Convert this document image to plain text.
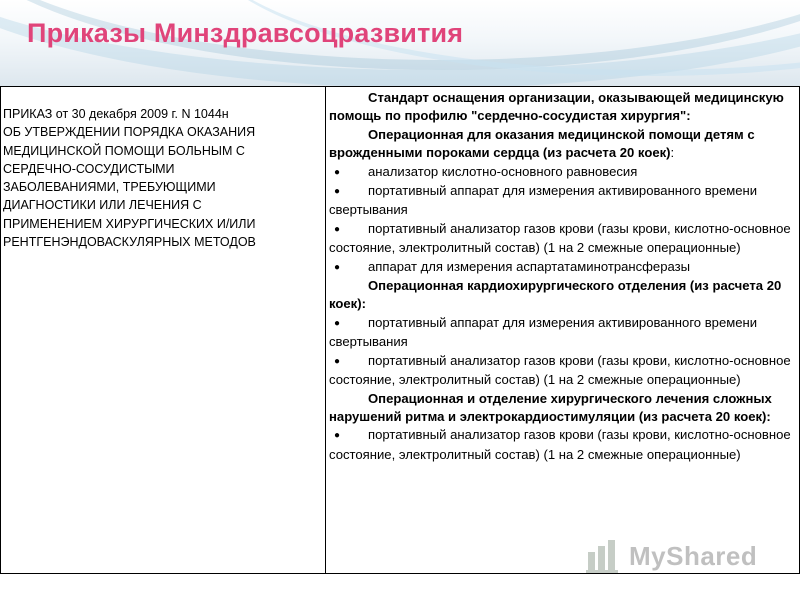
Приказы Минздравсоцразвития
ПРИКАЗ от 30 декабря 2009 г. N 1044н
ОБ УТВЕРЖДЕНИИ ПОРЯДКА ОКАЗАНИЯ
МЕДИЦИНСКОЙ ПОМОЩИ БОЛЬНЫМ С
СЕРДЕЧНО-СОСУДИСТЫМИ
ЗАБОЛЕВАНИЯМИ, ТРЕБУЮЩИМИ
ДИАГНОСТИКИ ИЛИ ЛЕЧЕНИЯ С
ПРИМЕНЕНИЕМ ХИРУРГИЧЕСКИХ И/ИЛИ
РЕНТГЕНЭНДОВАСКУЛЯРНЫХ МЕТОДОВ

Стандарт оснащения организации, оказывающей медицинскую помощь по профилю "сердечно-сосудистая хирургия":

Операционная для оказания медицинской помощи детям с врожденными пороками сердца (из расчета 20 коек):

● анализатор кислотно-основного равновесия
● портативный аппарат для измерения активированного времени свертывания
● портативный анализатор газов крови (газы крови, кислотно-основное состояние, электролитный состав) (1 на 2 смежные операционные)
● аппарат для измерения аспартатаминотрансферазы

Операционная кардиохирургического отделения (из расчета 20 коек):

● портативный аппарат для измерения активированного времени свертывания
● портативный анализатор газов крови (газы крови, кислотно-основное состояние, электролитный состав) (1 на 2 смежные операционные)

Операционная и отделение хирургического лечения сложных нарушений ритма и электрокардиостимуляции (из расчета 20 коек):

● портативный анализатор газов крови (газы крови, кислотно-основное состояние, электролитный состав) (1 на 2 смежные операционные)
MyShared
